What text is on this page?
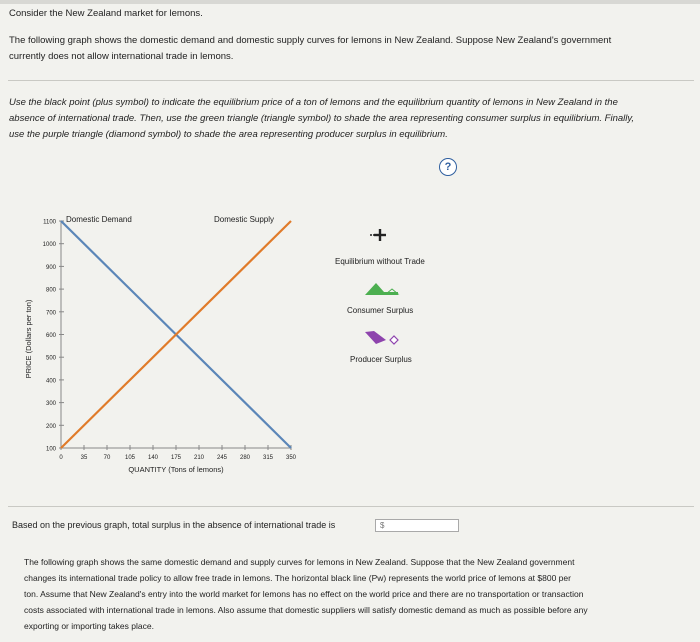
Consider the New Zealand market for lemons.
The following graph shows the domestic demand and domestic supply curves for lemons in New Zealand. Suppose New Zealand's government
currently does not allow international trade in lemons.
Use the black point (plus symbol) to indicate the equilibrium price of a ton of lemons and the equilibrium quantity of lemons in New Zealand in the
absence of international trade. Then, use the green triangle (triangle symbol) to shade the area representing consumer surplus in equilibrium. Finally,
use the purple triangle (diamond symbol) to shade the area representing producer surplus in equilibrium.
?
100
200
300
400
500
600
700
800
900
1000
1100
0	35	70 105 140 175 210 245 280 315 350
PRICE (Dollars per ton)
QUANTITY (Tons of lemons)
Domestic Demand	Domestic Supply
Equilibrium without Trade
Consumer Surplus
Producer Surplus
Based on the previous graph, total surplus in the absence of international trade is
$
The following graph shows the same domestic demand and supply curves for lemons in New Zealand. Suppose that the New Zealand government
changes its international trade policy to allow free trade in lemons. The horizontal black line (Pw) represents the world price of lemons at $800 per
ton. Assume that New Zealand's entry into the world market for lemons has no effect on the world price and there are no transportation or transaction
costs associated with international trade in lemons. Also assume that domestic suppliers will satisfy domestic demand as much as possible before any
exporting or importing takes place.
